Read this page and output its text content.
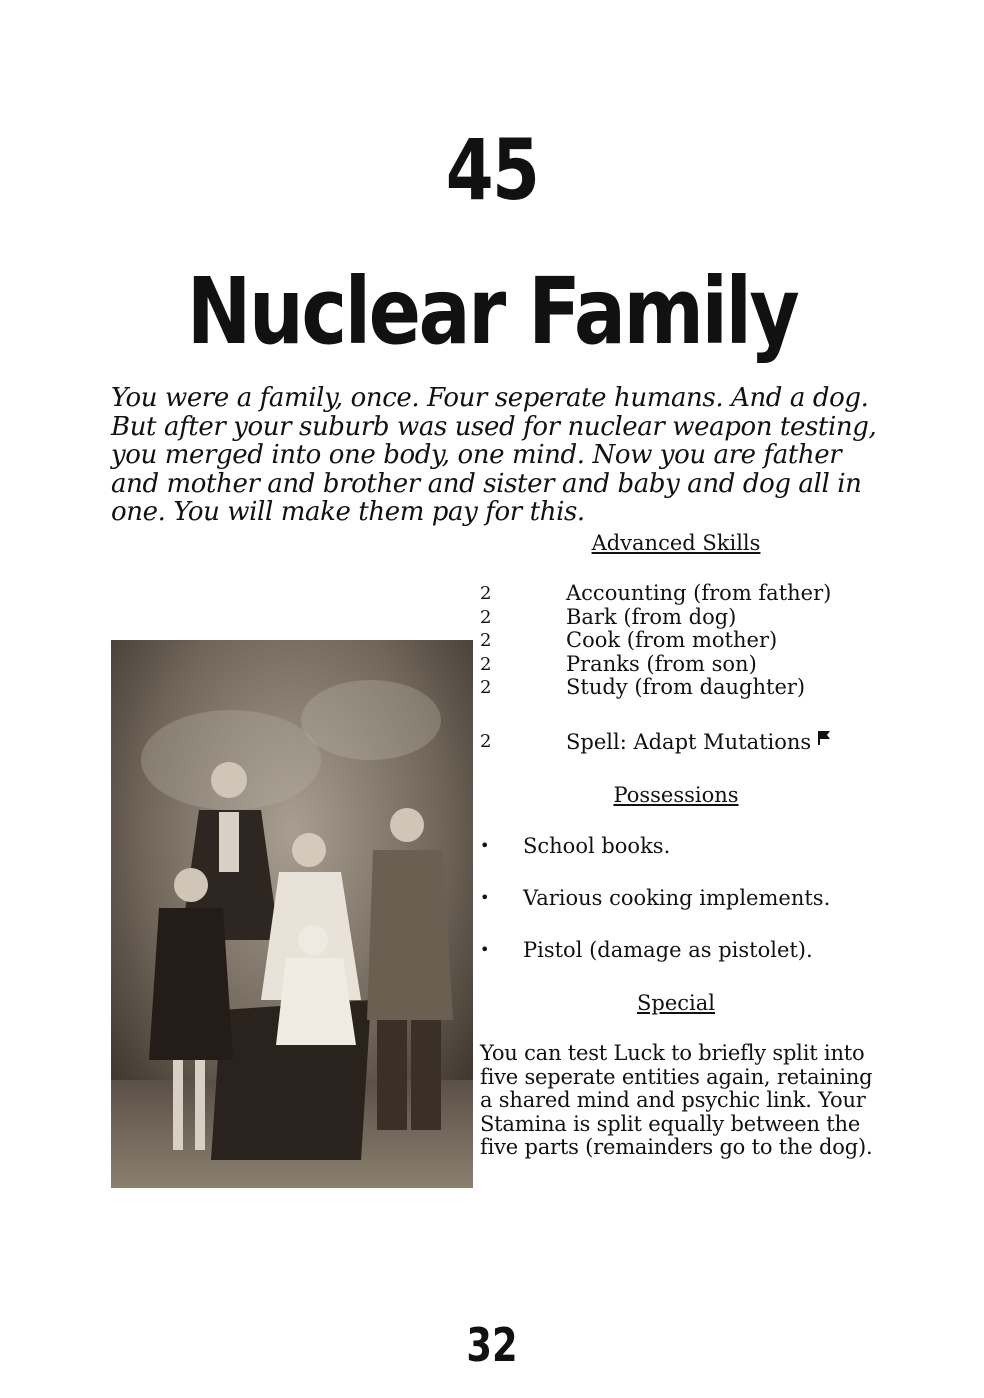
45
Nuclear Family
You were a family, once. Four seperate humans. And a dog.
But after your suburb was used for nuclear weapon testing,
you merged into one body, one mind. Now you are father
and mother and brother and sister and baby and dog all in
one. You will make them pay for this.
Advanced Skills
2	Accounting (from father)
2	Bark (from dog)
2	Cook (from mother)
2	Pranks (from son)
2	Study (from daughter)
2	Spell: Adapt Mutations
Possessions
•	School books.
•	Various cooking implements.
•	Pistol (damage as pistolet).
Special
You can test Luck to briefly split into
five seperate entities again, retaining
a shared mind and psychic link. Your
Stamina is split equally between the
five parts (remainders go to the dog).
32
